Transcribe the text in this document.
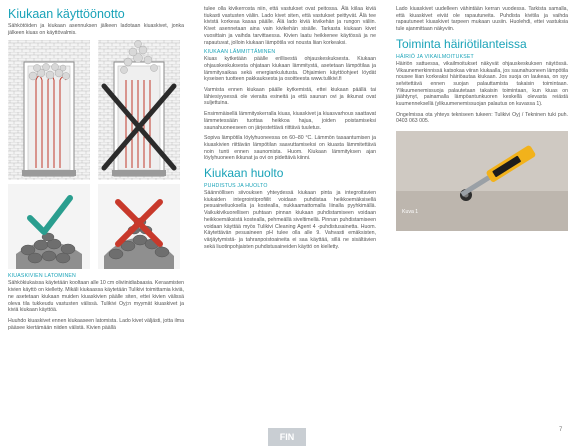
Kiukaan käyttöönotto

Sähkötöiden ja kiukaan asennuksen jälkeen ladotaan kiuaskivet, jonka jälkeen kiuas on käyttövalmis.

KIUASKIVIEN LATOMINEN

Sähkökiukaissa käytetään kooltaan alle 10 cm oliviinidiabaasia. Keraamisten kivien käyttö on kielletty. Mikäli kiukaassa käytetään Tulikivi toimittamia kiviä, ne asetetaan kiukaan muiden kiuaskivien päälle siten, ettei kivien välissä oleva tila tukkeudu vastusten välissä. Tulikivi Oyj:n myymät kiuaskivet ja kiviä kiukaan käyttöä.

Huuhdo kiuaskivet ennen kiukaaseen latomista. Lado kivet väljästi, jotta ilma pääsee kiertämään niiden välistä. Kivien päällä

tulee olla kivikerrosta niin, että vastukset ovat peitossa. Älä kiilaa kiviä tiukasti vastusten väliin. Lado kivet siten, että vastukset peittyvät. Älä tee kivistä korkeaa kasaa päälle. Älä lado kiviä kivikehän ja rungon väliin. Kivet asennetaan aina vain kivikehän sisälle. Tarkasta kiukaan kivet vuosittain ja vaihda tarvittaessa. Kivien laatu heikkenee käytössä ja ne rapautuvat, jolloin kiukaan lämpötila voi nousta liian korkeaksi.

KIUKAAN LÄMMITTÄMINEN

Kiuas kytketään päälle erillisestä ohjauskeskuksesta. Kiukaan ohjauskeskuksesta ohjataan kiukaan lämmitystä, asetetaan lämpötilaa ja lämmitysaikaa sekä energiankulutusta. Ohjaimien käyttöohjeet löydät kyseisen tuotteen pakkauksesta ja osoitteesta www.tulikivi.fi

Varmista ennen kiukaan päälle kytkemistä, ettei kiukaan päällä tai lähiesiyysessä ole vieraita esineitä ja että saunan ovi ja ikkunat ovat suljettuina.

Ensimmäisellä lämmityskerralla kiuas, kiuaskivet ja kiuasvarhous saattavat lämmetessään tuottaa heikkoa hajua, joiden poistamiseksi saunahuoneeseen on järjestettävä riittävä tuuletus.

Sopiva lämpötila löylyhuoneessa on 60–80 °C. Lämmön tasaantumisen ja kiuaskivien riittävän lämpötilan saavuttamiseksi on kiuasta lämmitettävä noin tunti ennen saunomista. Huom. Kiukaan lämmityksen ajan löylyhuoneen ikkunat ja ovi on pidettävä kiinni.

Kiukaan huolto
PUHDISTUS JA HUOLTO

Säännöllisen siivouksen yhteydessä kiukaan pinta ja integroitavien kiukaiden integrointiprofiilit voidaan puhdistaa heikkoemäksisellä pesuaineliuoksella ja kostealla, nukkaamattomalla liinalla pyyhkimällä. Vaikukivikuorellisen puhtaan pinnan kiukaan puhdistamiseen voidaan heikkoemäksistä kostealla, pehmeällä siveltimellä. Pinnan puhdistamiseen voidaan käyttää myös Tulikivi Cleaning Agent 4 -puhdistusainetta. Huom. Käytettävän pesuaineen pH tulee olla alle 9. Vahvasti emäksisten, värjäytymistä- ja tahranpoistoaineita ei saa käyttää, sillä ne sisältävien sekä liuotinpohjaisten puhdistusaineiden käyttö on kielletty.

Lado kiuaskivet uudelleen vähintään kerran vuodessa. Tarkista samalla, että kiuaskivet eivät ole rapautuneita. Puhdista kivitila ja vaihda rapautuneet kiuaskivet tarpeen mukaan uusiin. Huolehdi, ettei vastuksia tule ajanmittaan näkyviin.

Toiminta häiriötilanteissa
HÄIRIÖ JA VIKAILMOITUKSET

Häiriön sattuessa, vikailmoitukset näkyvät ohjauskeskuksen näytössä. Vikaunemerkinnissä katsokaa viiran kiukaalla, jos saunahuoneen lämpötila nousee liian korkeaksi häiriöautaa kiukaan. Jos suoja on laukeaa, on syy selvitettävä ennen suojan palauttamista takaisin toimintaan. Ylikuumenemissuoja palautetaan takaisin toimintaan, kun kiuas on jäähtynyt, painamalla lämpöantunkuoren keskellä olevasta reiästä kuumenneksellä (ylikuumenemissuojan palautus on kuvassa 1).

Ongelmissa ota yhteys tekniseen tukeen: Tulikivi Oyj / Tekninen tuki puh. 0403 063 005.

Kuva 1
FIN
7
